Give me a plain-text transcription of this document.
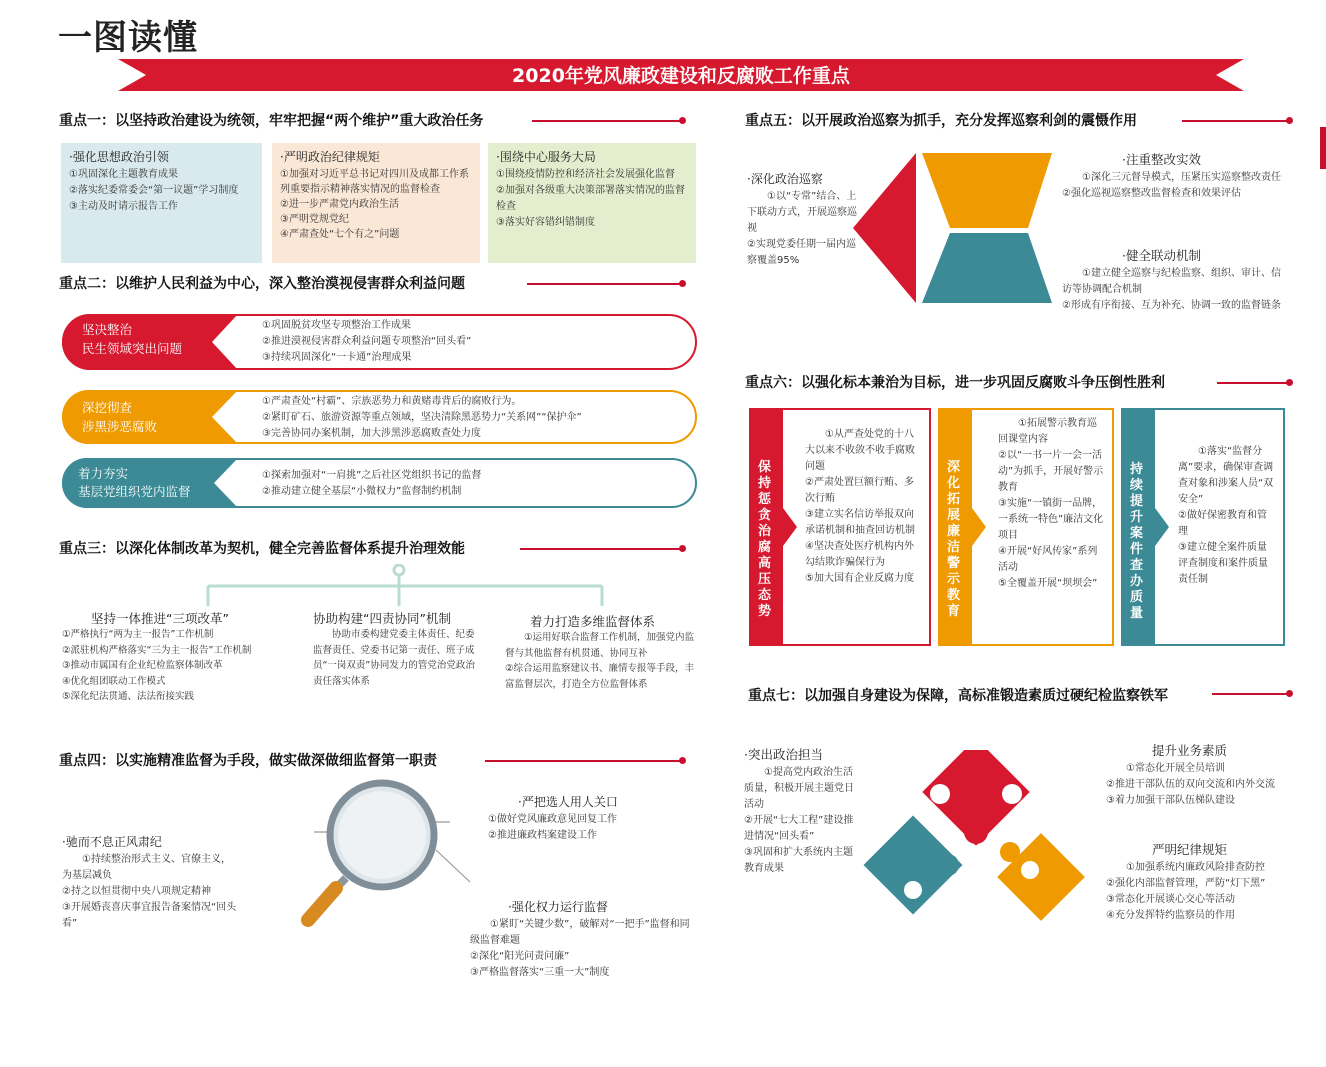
一图读懂
2020年党风廉政建设和反腐败工作重点
重点一：以坚持政治建设为统领，牢牢把握“两个维护”重大政治任务
·强化思想政治引领
①巩固深化主题教育成果
②落实纪委常委会“第一议题”学习制度
③主动及时请示报告工作
·严明政治纪律规矩
①加强对习近平总书记对四川及成都工作系列重要指示精神落实情况的监督检查
②进一步严肃党内政治生活
③严明党规党纪
④严肃查处“七个有之”问题
·围绕中心服务大局
①围绕疫情防控和经济社会发展强化监督
②加强对各级重大决策部署落实情况的监督检查
③落实好容错纠错制度
重点二：以维护人民利益为中心，深入整治漠视侵害群众利益问题
坚决整治
民生领域突出问题
①巩固脱贫攻坚专项整治工作成果
②推进漠视侵害群众利益问题专项整治“回头看”
③持续巩固深化“一卡通”治理成果
深挖彻查
涉黑涉恶腐败
①严肃查处“村霸”、宗族恶势力和黄赌毒背后的腐败行为。
②紧盯矿石、旅游资源等重点领域，坚决清除黑恶势力“关系网”“保护伞”
③完善协同办案机制，加大涉黑涉恶腐败查处力度
着力夯实
基层党组织党内监督
①探索加强对“一肩挑”之后社区党组织书记的监督
②推动建立健全基层“小微权力”监督制约机制
重点三：以深化体制改革为契机，健全完善监督体系提升治理效能
坚持一体推进“三项改革”
①严格执行“两为主一报告”工作机制
②派驻机构严格落实“三为主一报告”工作机制
③推动市属国有企业纪检监察体制改革
④优化组团联动工作模式
⑤深化纪法贯通、法法衔接实践
协助构建“四责协同”机制
协助市委构建党委主体责任、纪委监督责任、党委书记第一责任、班子成员“一岗双责”协同发力的管党治党政治责任落实体系
着力打造多维监督体系
①运用好联合监督工作机制，加强党内监督与其他监督有机贯通、协同互补
②综合运用监察建议书、廉情专报等手段，丰富监督层次，打造全方位监督体系
重点四：以实施精准监督为手段，做实做深做细监督第一职责
·驰而不息正风肃纪
①持续整治形式主义、官僚主义，为基层减负
②持之以恒贯彻中央八项规定精神
③开展婚丧喜庆事宜报告备案情况“回头看”
·严把选人用人关口
①做好党风廉政意见回复工作
②推进廉政档案建设工作
·强化权力运行监督
①紧盯“关键少数”，破解对“一把手”监督和同级监督难题
②深化“阳光问责问廉”
③严格监督落实“三重一大”制度
重点五：以开展政治巡察为抓手，充分发挥巡察利剑的震慑作用
·深化政治巡察
①以“专常”结合、上下联动方式，开展巡察巡视
②实现党委任期一届内巡察覆盖95%
·注重整改实效
①深化三元督导模式，压紧压实巡察整改责任
②强化巡视巡察整改监督检查和效果评估
·健全联动机制
①建立健全巡察与纪检监察、组织、审计、信访等协调配合机制
②形成有序衔接、互为补充、协调一致的监督链条
重点六：以强化标本兼治为目标，进一步巩固反腐败斗争压倒性胜利
保持惩贪治腐高压态势
①从严查处党的十八大以来不收敛不收手腐败问题
②严肃处置巨额行贿、多次行贿
③建立实名信访举报双向承诺机制和抽查回访机制
④坚决查处医疗机构内外勾结欺诈骗保行为
⑤加大国有企业反腐力度
深化拓展廉洁警示教育
①拓展警示教育巡回课堂内容
②以“一书一片一会一活动”为抓手，开展好警示教育
③实施“一镇街一品牌，一系统一特色”廉洁文化项目
④开展“好风传家”系列活动
⑤全覆盖开展“坝坝会”
持续提升案件查办质量
①落实“监督分离”要求，确保审查调查对象和涉案人员“双安全”
②做好保密教育和管理
③建立健全案件质量评查制度和案件质量责任制
重点七：以加强自身建设为保障，高标准锻造素质过硬纪检监察铁军
·突出政治担当
①提高党内政治生活质量，积极开展主题党日活动
②开展“七大工程”建设推进情况“回头看”
③巩固和扩大系统内主题教育成果
提升业务素质
①常态化开展全员培训
②推进干部队伍的双向交流和内外交流
③着力加强干部队伍梯队建设
严明纪律规矩
①加强系统内廉政风险排查防控
②强化内部监督管理，严防“灯下黑”
③常态化开展谈心交心等活动
④充分发挥特约监察员的作用
